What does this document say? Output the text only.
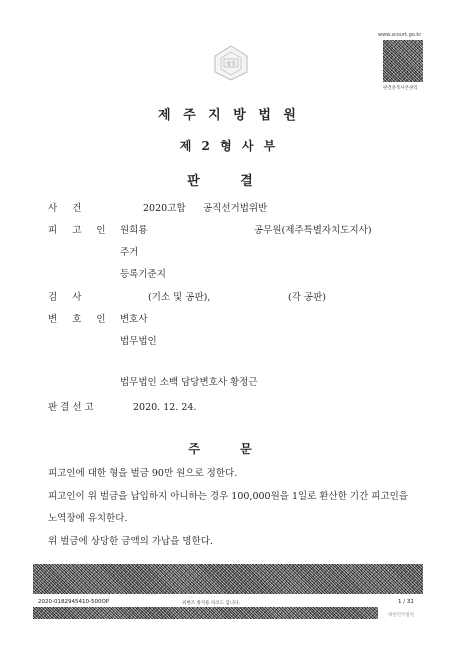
법원
www.scourt.go.kr
판결문복사본관리
제 주 지 방 법 원
제 2 형 사 부
판 결
사 건	2020고합 공직선거법위반
피 고 인 원희룡	공무원(제주특별자치도지사)
주거
등록기준지
검 사	(기소 및 공판),	(각 공판)
변 호 인 변호사
법무법인
법무법인 소백 담당변호사 황정근
판결선고	2020. 12. 24.
주 문
피고인에 대한 형을 벌금 90만 원으로 정한다.
피고인이 위 벌금을 납입하지 아니하는 경우 100,000원을 1일로 환산한 기간 피고인을
노역장에 유치한다.
위 벌금에 상당한 금액의 가납을 명한다.
2020-0182945410-500OP	위변조 방지용 바코드 입니다.	1 / 31
대한민국법원
